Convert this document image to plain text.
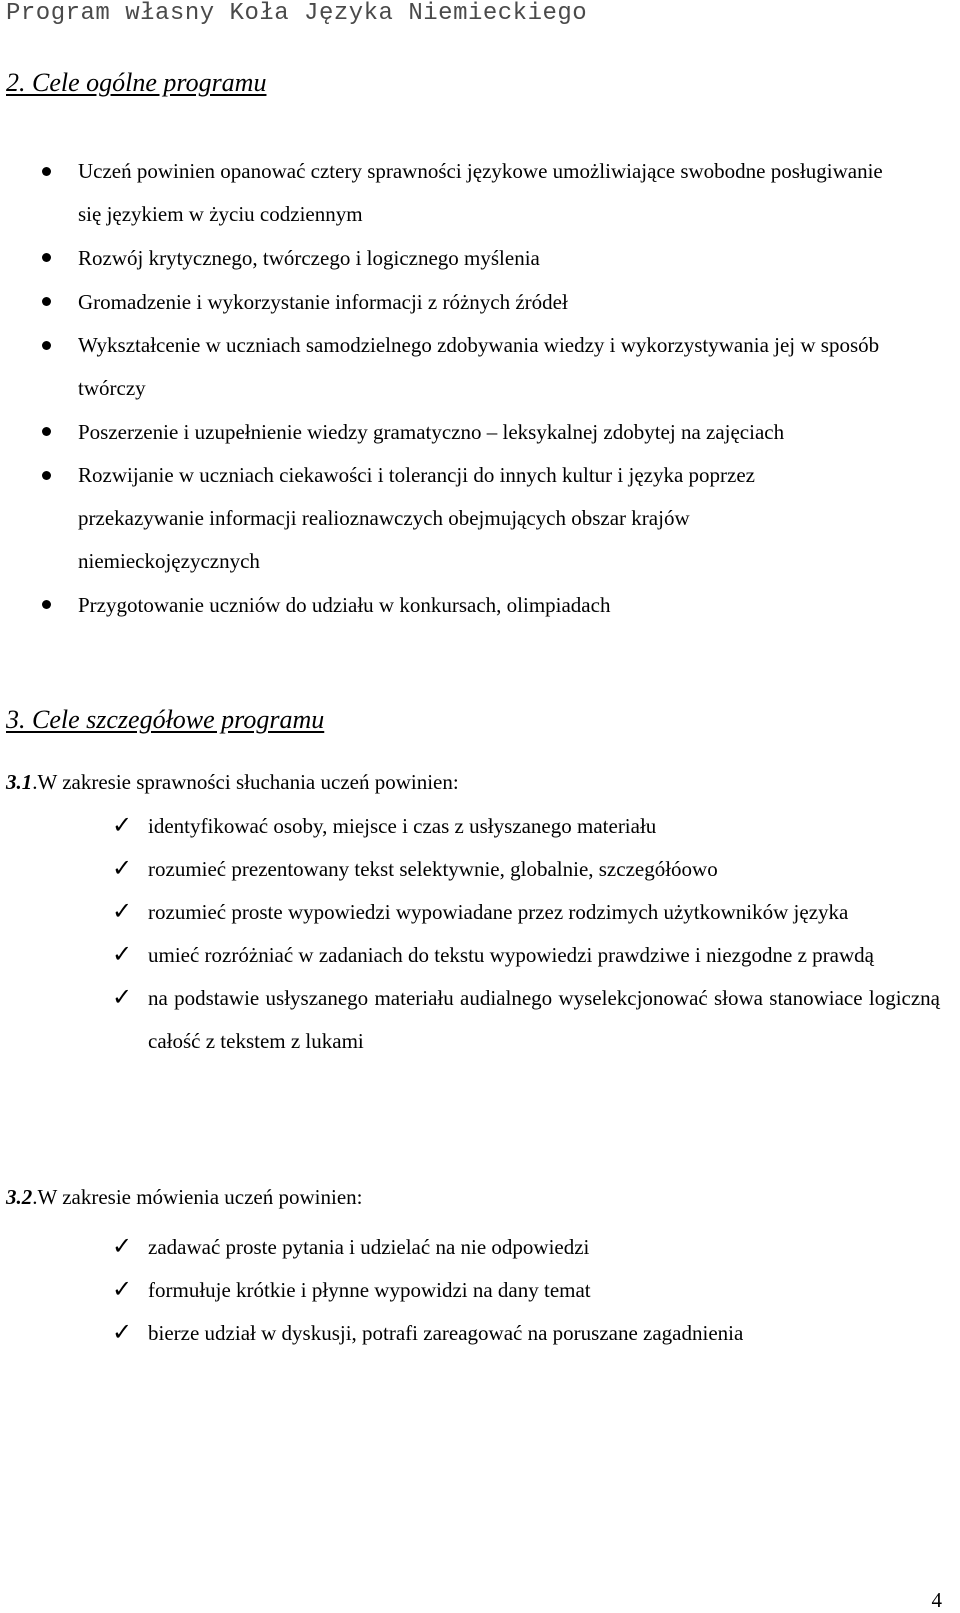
Program własny Koła Języka Niemieckiego
2. Cele ogólne programu
Uczeń powinien opanować cztery sprawności językowe umożliwiające swobodne posługiwanie się językiem w życiu codziennym
Rozwój krytycznego, twórczego i logicznego myślenia
Gromadzenie i wykorzystanie informacji z różnych źródeł
Wykształcenie w uczniach samodzielnego zdobywania wiedzy i wykorzystywania jej w sposób twórczy
Poszerzenie i uzupełnienie wiedzy gramatyczno – leksykalnej zdobytej na zajęciach
Rozwijanie w uczniach ciekawości i tolerancji do innych kultur i języka poprzez przekazywanie informacji realioznawczych obejmujących obszar krajów niemieckojęzycznych
Przygotowanie uczniów do udziału w konkursach, olimpiadach
3. Cele szczegółowe programu
3.1.W zakresie sprawności słuchania uczeń powinien:
✓ identyfikować osoby, miejsce i czas z usłyszanego materiału
✓ rozumieć prezentowany tekst selektywnie, globalnie, szczegółóowo
✓ rozumieć proste wypowiedzi wypowiadane przez rodzimych użytkowników języka
✓ umieć rozróżniać w zadaniach do tekstu wypowiedzi prawdziwe i niezgodne z prawdą
✓ na podstawie usłyszanego materiału audialnego wyselekcjonować słowa stanowiace logiczną całość z tekstem z lukami
3.2.W zakresie mówienia uczeń powinien:
✓ zadawać proste pytania i udzielać na nie odpowiedzi
✓ formułuje krótkie i płynne wypowidzi na dany temat
✓ bierze udział w dyskusji, potrafi zareagować na poruszane zagadnienia
4
